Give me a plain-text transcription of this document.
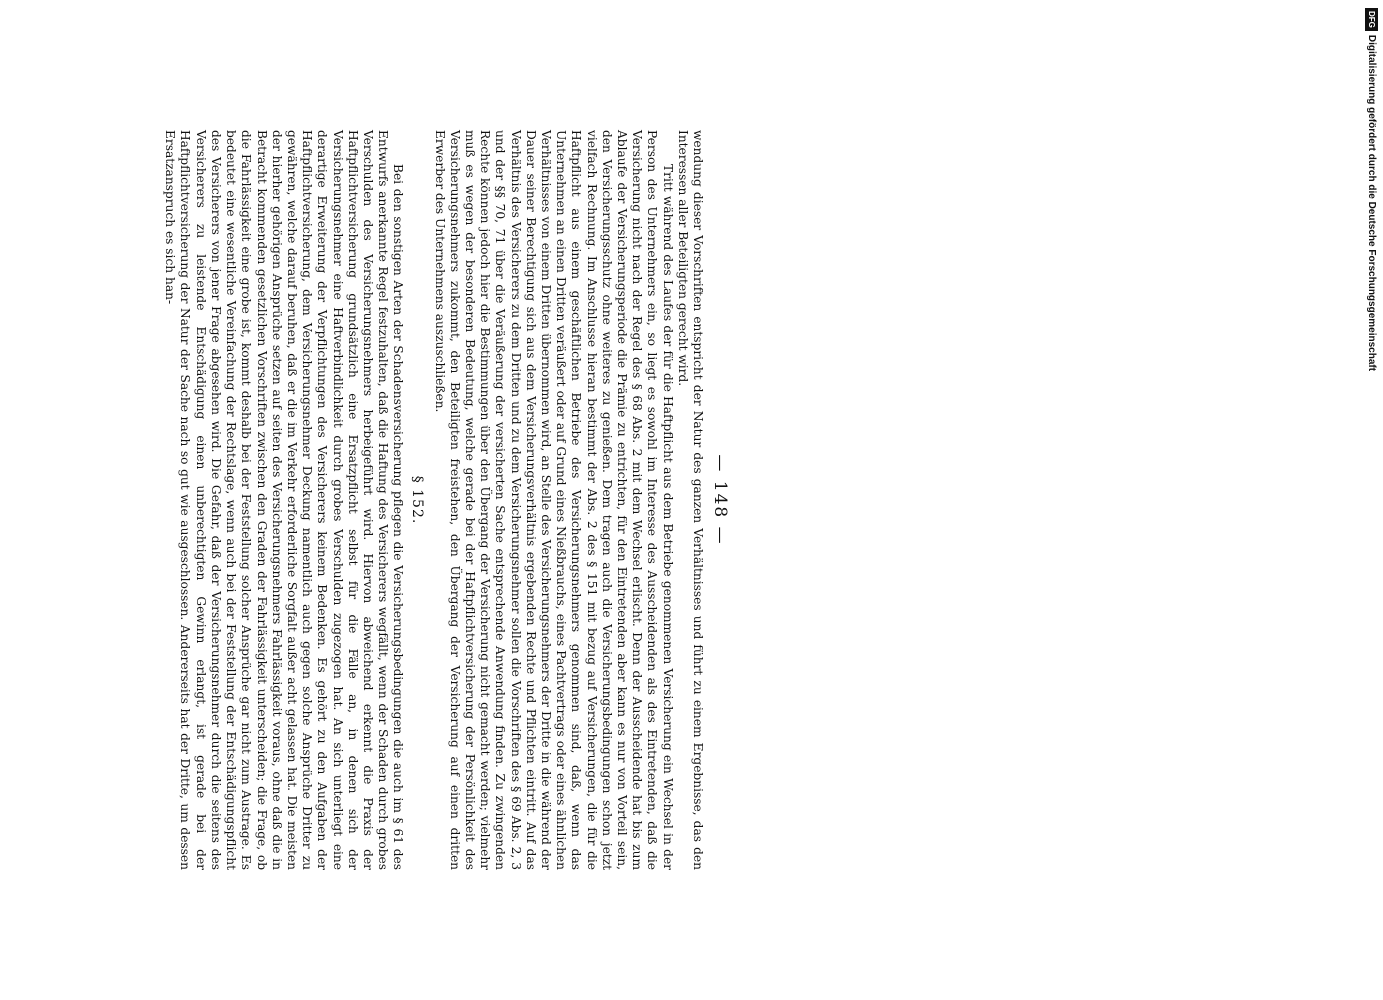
— 148 —

wendung dieser Vorschriften entspricht der Natur des ganzen Verhältnisses und führt zu einem Ergebnisse, das den Interessen aller Beteiligten gerecht wird.

Tritt während des Laufes der für die Haftpflicht aus dem Betriebe genommenen Versicherung ein Wechsel in der Person des Unternehmers ein, so liegt es sowohl im Interesse des Ausscheidenden als des Eintretenden, daß die Versicherung nicht nach der Regel des § 68 Abs. 2 mit dem Wechsel erlischt. Denn der Ausscheidende hat bis zum Ablaufe der Versicherungsperiode die Prämie zu entrichten, für den Eintretenden aber kann es nur von Vorteil sein, den Versicherungsschutz ohne weiteres zu genießen. Dem tragen auch die Versicherungsbedingungen schon jetzt vielfach Rechnung. Im Anschlusse hieran bestimmt der Abs. 2 des § 151 mit bezug auf Versicherungen, die für die Haftpflicht aus einem geschäftlichen Betriebe des Versicherungsnehmers genommen sind, daß, wenn das Unternehmen an einen Dritten veräußert oder auf Grund eines Nießbrauchs, eines Pachtvertrags oder eines ähnlichen Verhältnisses von einem Dritten übernommen wird, an Stelle des Versicherungsnehmers der Dritte in die während der Dauer seiner Berechtigung sich aus dem Versicherungsverhältnis ergebenden Rechte und Pflichten eintritt. Auf das Verhältnis des Versicherers zu dem Dritten und zu dem Versicherungsnehmer sollen die Vorschriften des § 69 Abs. 2, 3 und der §§ 70, 71 über die Veräußerung der versicherten Sache entsprechende Anwendung finden. Zu zwingenden Rechte können jedoch hier die Bestimmungen über den Übergang der Versicherung nicht gemacht werden; vielmehr muß es wegen der besonderen Bedeutung, welche gerade bei der Haftpflichtversicherung der Persönlichkeit des Versicherungsnehmers zukommt, den Beteiligten freistehen, den Übergang der Versicherung auf einen dritten Erwerber des Unternehmens auszuschließen.

§ 152.

Bei den sonstigen Arten der Schadensversicherung pflegen die Versicherungsbedingungen die auch im § 61 des Entwurfs anerkannte Regel festzuhalten, daß die Haftung des Versicherers wegfällt, wenn der Schaden durch grobes Verschulden des Versicherungsnehmers herbeigeführt wird. Hiervon abweichend erkennt die Praxis der Haftpflichtversicherung grundsätzlich eine Ersatzpflicht selbst für die Fälle an, in denen sich der Versicherungsnehmer eine Haftverbindlichkeit durch grobes Verschulden zugezogen hat. An sich unterliegt eine derartige Erweiterung der Verpflichtungen des Versicherers keinem Bedenken. Es gehört zu den Aufgaben der Haftpflichtversicherung, dem Versicherungsnehmer Deckung namentlich auch gegen solche Ansprüche Dritter zu gewähren, welche darauf beruhen, daß er die im Verkehr erforderliche Sorgfalt außer acht gelassen hat. Die meisten der hierher gehörigen Ansprüche setzen auf seiten des Versicherungsnehmers Fahrlässigkeit voraus, ohne daß die in Betracht kommenden gesetzlichen Vorschriften zwischen den Graden der Fahrlässigkeit unterscheiden; die Frage, ob die Fahrlässigkeit eine grobe ist, kommt deshalb bei der Feststellung solcher Ansprüche gar nicht zum Austrage. Es bedeutet eine wesentliche Vereinfachung der Rechtslage, wenn auch bei der Feststellung der Entschädigungspflicht des Versicherers von jener Frage abgesehen wird. Die Gefahr, daß der Versicherungsnehmer durch die seitens des Versicherers zu leistende Entschädigung einen unberechtigten Gewinn erlangt, ist gerade bei der Haftpflichtversicherung der Natur der Sache nach so gut wie ausgeschlossen. Andererseits hat der Dritte, um dessen Ersatzanspruch es sich han-

DFGDigitalisierung gefördert durch die Deutsche Forschungsgemeinschaft
